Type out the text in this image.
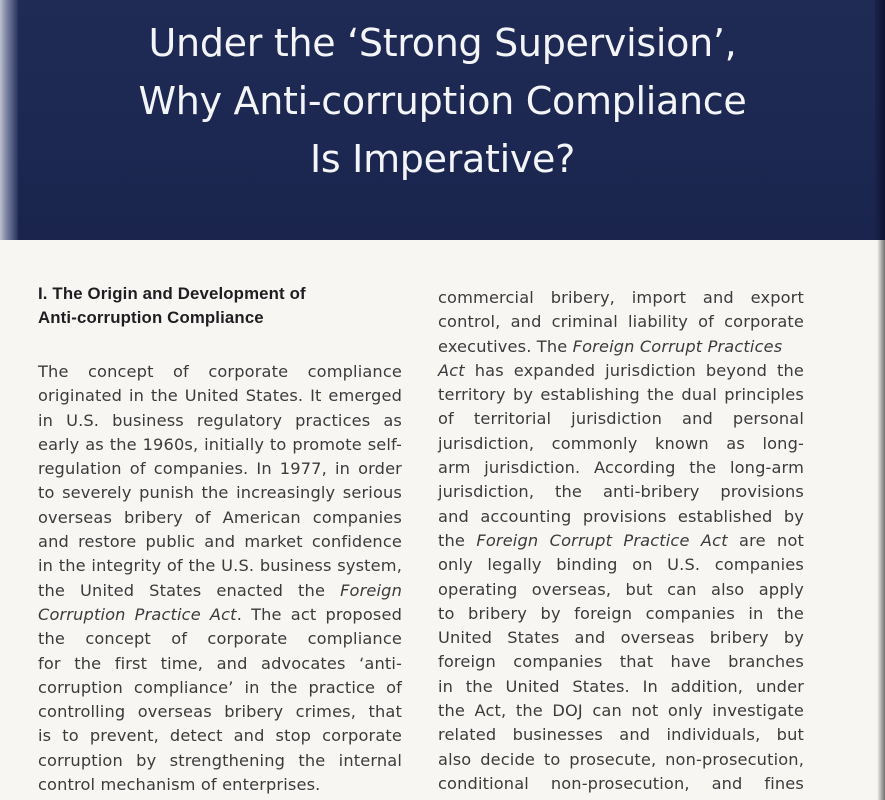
Under the ‘Strong Supervision’,
Why Anti-corruption Compliance
Is Imperative?
I. The Origin and Development of
Anti-corruption Compliance
The concept of corporate compliance
originated in the United States. It emerged
in U.S. business regulatory practices as
early as the 1960s, initially to promote self-
regulation of companies. In 1977, in order
to severely punish the increasingly serious
overseas bribery of American companies
and restore public and market confidence
in the integrity of the U.S. business system,
the United States enacted the Foreign
Corruption Practice Act. The act proposed
the concept of corporate compliance
for the first time, and advocates ‘anti-
corruption compliance’ in the practice of
controlling overseas bribery crimes, that
is to prevent, detect and stop corporate
corruption by strengthening the internal
control mechanism of enterprises.
commercial bribery, import and export
control, and criminal liability of corporate
executives. The Foreign Corrupt Practices
Act has expanded jurisdiction beyond the
territory by establishing the dual principles
of territorial jurisdiction and personal
jurisdiction, commonly known as long-
arm jurisdiction. According the long-arm
jurisdiction, the anti-bribery provisions
and accounting provisions established by
the Foreign Corrupt Practice Act are not
only legally binding on U.S. companies
operating overseas, but can also apply
to bribery by foreign companies in the
United States and overseas bribery by
foreign companies that have branches
in the United States. In addition, under
the Act, the DOJ can not only investigate
related businesses and individuals, but
also decide to prosecute, non-prosecution,
conditional non-prosecution, and fines
